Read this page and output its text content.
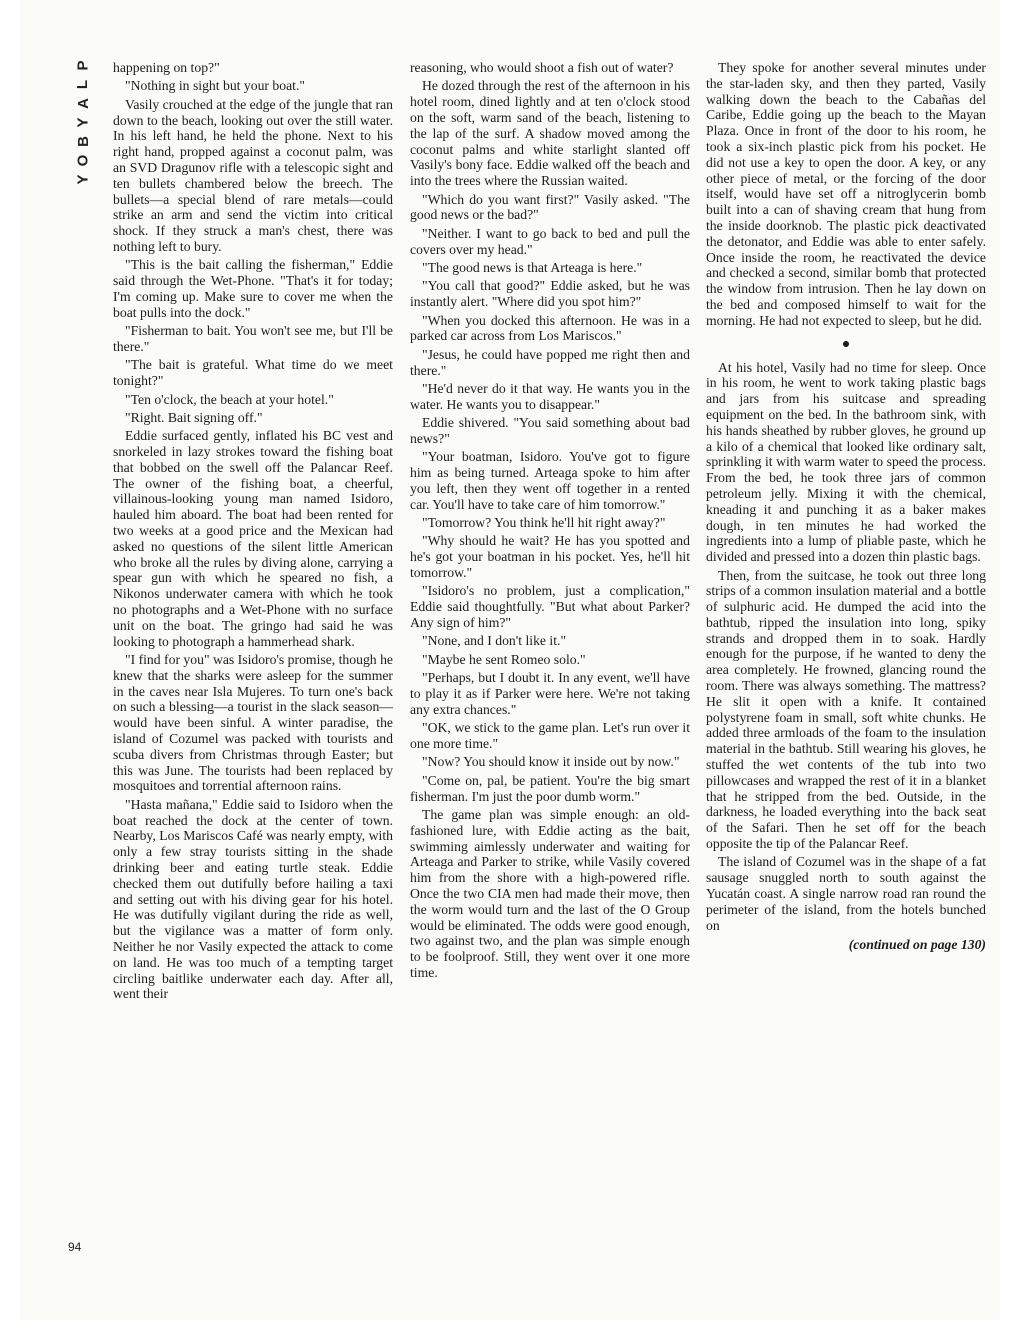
P
L
A
Y
B
O
Y
94

happening on top?"

"Nothing in sight but your boat."

Vasily crouched at the edge of the jungle that ran down to the beach, looking out over the still water. In his left hand, he held the phone. Next to his right hand, propped against a coconut palm, was an SVD Dragunov rifle with a telescopic sight and ten bullets chambered below the breech. The bullets—a special blend of rare metals—could strike an arm and send the victim into critical shock. If they struck a man's chest, there was nothing left to bury.

"This is the bait calling the fisherman," Eddie said through the Wet-Phone. "That's it for today; I'm coming up. Make sure to cover me when the boat pulls into the dock."

"Fisherman to bait. You won't see me, but I'll be there."

"The bait is grateful. What time do we meet tonight?"

"Ten o'clock, the beach at your hotel."

"Right. Bait signing off."

Eddie surfaced gently, inflated his BC vest and snorkeled in lazy strokes toward the fishing boat that bobbed on the swell off the Palancar Reef. The owner of the fishing boat, a cheerful, villainous-looking young man named Isidoro, hauled him aboard. The boat had been rented for two weeks at a good price and the Mexican had asked no questions of the silent little American who broke all the rules by diving alone, carrying a spear gun with which he speared no fish, a Nikonos underwater camera with which he took no photographs and a Wet-Phone with no surface unit on the boat. The gringo had said he was looking to photograph a hammerhead shark.

"I find for you" was Isidoro's promise, though he knew that the sharks were asleep for the summer in the caves near Isla Mujeres. To turn one's back on such a blessing—a tourist in the slack season—would have been sinful. A winter paradise, the island of Cozumel was packed with tourists and scuba divers from Christmas through Easter; but this was June. The tourists had been replaced by mosquitoes and torrential afternoon rains.

"Hasta mañana," Eddie said to Isidoro when the boat reached the dock at the center of town. Nearby, Los Mariscos Café was nearly empty, with only a few stray tourists sitting in the shade drinking beer and eating turtle steak. Eddie checked them out dutifully before hailing a taxi and setting out with his diving gear for his hotel. He was dutifully vigilant during the ride as well, but the vigilance was a matter of form only. Neither he nor Vasily expected the attack to come on land. He was too much of a tempting target circling baitlike underwater each day. After all, went their

reasoning, who would shoot a fish out of water?

He dozed through the rest of the afternoon in his hotel room, dined lightly and at ten o'clock stood on the soft, warm sand of the beach, listening to the lap of the surf. A shadow moved among the coconut palms and white starlight slanted off Vasily's bony face. Eddie walked off the beach and into the trees where the Russian waited.

"Which do you want first?" Vasily asked. "The good news or the bad?"

"Neither. I want to go back to bed and pull the covers over my head."

"The good news is that Arteaga is here."

"You call that good?" Eddie asked, but he was instantly alert. "Where did you spot him?"

"When you docked this afternoon. He was in a parked car across from Los Mariscos."

"Jesus, he could have popped me right then and there."

"He'd never do it that way. He wants you in the water. He wants you to disappear."

Eddie shivered. "You said something about bad news?"

"Your boatman, Isidoro. You've got to figure him as being turned. Arteaga spoke to him after you left, then they went off together in a rented car. You'll have to take care of him tomorrow."

"Tomorrow? You think he'll hit right away?"

"Why should he wait? He has you spotted and he's got your boatman in his pocket. Yes, he'll hit tomorrow."

"Isidoro's no problem, just a complication," Eddie said thoughtfully. "But what about Parker? Any sign of him?"

"None, and I don't like it."

"Maybe he sent Romeo solo."

"Perhaps, but I doubt it. In any event, we'll have to play it as if Parker were here. We're not taking any extra chances."

"OK, we stick to the game plan. Let's run over it one more time."

"Now? You should know it inside out by now."

"Come on, pal, be patient. You're the big smart fisherman. I'm just the poor dumb worm."

The game plan was simple enough: an old-fashioned lure, with Eddie acting as the bait, swimming aimlessly underwater and waiting for Arteaga and Parker to strike, while Vasily covered him from the shore with a high-powered rifle. Once the two CIA men had made their move, then the worm would turn and the last of the O Group would be eliminated. The odds were good enough, two against two, and the plan was simple enough to be foolproof. Still, they went over it one more time.

They spoke for another several minutes under the star-laden sky, and then they parted, Vasily walking down the beach to the Cabañas del Caribe, Eddie going up the beach to the Mayan Plaza. Once in front of the door to his room, he took a six-inch plastic pick from his pocket. He did not use a key to open the door. A key, or any other piece of metal, or the forcing of the door itself, would have set off a nitroglycerin bomb built into a can of shaving cream that hung from the inside doorknob. The plastic pick deactivated the detonator, and Eddie was able to enter safely. Once inside the room, he reactivated the device and checked a second, similar bomb that protected the window from intrusion. Then he lay down on the bed and composed himself to wait for the morning. He had not expected to sleep, but he did.

At his hotel, Vasily had no time for sleep. Once in his room, he went to work taking plastic bags and jars from his suitcase and spreading equipment on the bed. In the bathroom sink, with his hands sheathed by rubber gloves, he ground up a kilo of a chemical that looked like ordinary salt, sprinkling it with warm water to speed the process. From the bed, he took three jars of common petroleum jelly. Mixing it with the chemical, kneading it and punching it as a baker makes dough, in ten minutes he had worked the ingredients into a lump of pliable paste, which he divided and pressed into a dozen thin plastic bags.

Then, from the suitcase, he took out three long strips of a common insulation material and a bottle of sulphuric acid. He dumped the acid into the bathtub, ripped the insulation into long, spiky strands and dropped them in to soak. Hardly enough for the purpose, if he wanted to deny the area completely. He frowned, glancing round the room. There was always something. The mattress? He slit it open with a knife. It contained polystyrene foam in small, soft white chunks. He added three armloads of the foam to the insulation material in the bathtub. Still wearing his gloves, he stuffed the wet contents of the tub into two pillowcases and wrapped the rest of it in a blanket that he stripped from the bed. Outside, in the darkness, he loaded everything into the back seat of the Safari. Then he set off for the beach opposite the tip of the Palancar Reef.

The island of Cozumel was in the shape of a fat sausage snuggled north to south against the Yucatán coast. A single narrow road ran round the perimeter of the island, from the hotels bunched on

(continued on page 130)
